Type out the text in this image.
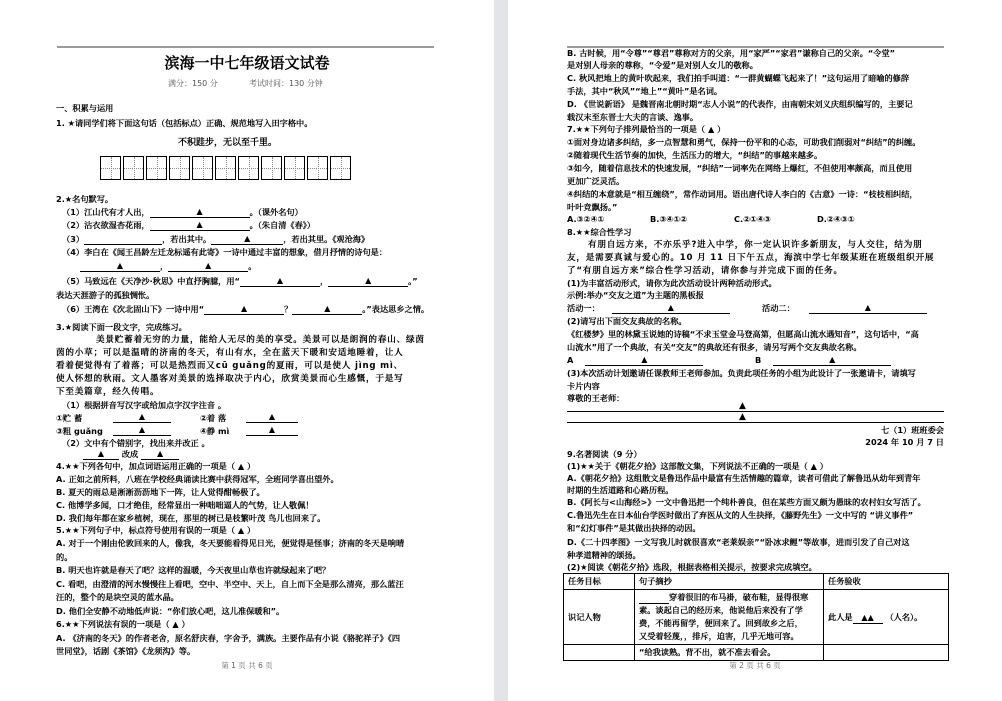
滨海一中七年级语文试卷
满分：150 分	考试时间：130 分钟
一、积累与运用
1. ★请同学们将下面这句话（包括标点）正确、规范地写入田字格中。
不积跬步，无以至千里。
2.★名句默写。
（1）江山代有才人出，	▲	。（课外名句）
（2）沾衣欲湿杏花雨，	▲	。（朱自清《春》）
（3）	，若出其中。	▲	，若出其里。《观沧海》
（4）李白在《闻王昌龄左迁龙标遥有此寄》一诗中通过丰富的想象，借月抒情的诗句是：
▲	，	▲	。
（5）马致远在《天净沙·秋思》中直抒胸臆，用“	▲	，	▲	。”
表达天涯游子的孤独惆怅。
（6）王湾在《次北固山下》一诗中用“	▲	？	▲	。”表达思乡之情。
3.★阅读下面一段文字，完成练习。
美景贮蓄着无穷的力量，能给人无尽的美的享受。美景可以是朗润的春山、绿茵
茵的小草；可以是温晴的济南的冬天，有山有水，全在蓝天下暖和安适地睡着，让人
看着便觉得有了着落；可以是热烈而又cū guǎng的夏雨，可以是使人 jìng mì、
使人怀想的秋雨。文人墨客对美景的选择取决于内心，欣赏美景而心生感慨，于是写
下至美篇章，经久传唱。
（1）根据拼音写汉字或给加点字汉字注音 。
①贮 蓄	▲	②着 落	▲
③粗 guǎng	▲	④静 mì	▲
（2）文中有个错别字，找出来并改正 。
▲ 改成 ▲
4.★★下列各句中，加点词语运用正确的一项是（ ▲ ）
A. 正如之前所料，八班在学校经典诵读比赛中获得冠军，全班同学喜出望外。
B. 夏天的雨总是淅淅沥沥地下一阵，让人觉得酣畅极了。
C. 他博学多闻，口才绝佳，经常显出一种咄咄逼人的气势，让人敬佩！
D. 我们每年都在家乡植树，现在，那里的树已是枝繁叶茂 鸟儿也回来了。
5.★★下列句子中，标点符号使用有误的一项是（ ▲ ）
A. 对于一个刚由伦敦回来的人，像我，冬天要能看得见日光，便觉得是怪事；济南的冬天是响晴
的。
B. 明天也许就是春天了吧？这样的温暖，今天夜里山草也许就绿起来了吧？
C. 看吧，由澄清的河水慢慢往上看吧，空中、半空中、天上，自上而下全是那么清亮，那么蓝汪
汪的，整个的是块空灵的蓝水晶。
D. 他们全安静不动地低声说：“你们放心吧，这儿准保暖和”。
6.★★下列说法有误的一项是（ ▲ ）
A. 《济南的冬天》的作者老舍，原名舒庆春，字舍予，满族。主要作品有小说《骆驼祥子》《四
世同堂》，话剧《茶馆》《龙须沟》等。
第 1 页 共 6 页
B. 古时候，用“令尊”“尊君”尊称对方的父亲，用“家严”“家君”谦称自己的父亲。“令堂”
是对别人母亲的尊称，“令爱”是对别人女儿的敬称。
C. 秋风把地上的黄叶吹起来，我们拍手叫道：“一群黄蝴蝶飞起来了！”这句运用了暗喻的修辞
手法，其中“秋风”“地上”“黄叶”是名词。
D. 《世说新语》 是魏晋南北朝时期“志人小说”的代表作，由南朝宋刘义庆组织编写的，主要记
载汉末至东晋士大夫的言谈、逸事。
7.★★下列句子排列最恰当的一项是（ ▲ ）
①面对身边诸多纠结，多一点智慧和勇气，保持一份平和的心态，可助我们削弱对“纠结”的纠缠。
②随着现代生活节奏的加快，生活压力的增大，“纠结”的事越来越多。
③如今，随着信息技术的快速发展，“纠结”一词率先在网络上爆红，不但使用率颇高，而且使用
更加广泛灵活。
④纠结的本意就是“相互缠绕”，常作动词用。语出唐代诗人李白的《古意》一诗：“枝枝相纠结，
叶叶竞飘扬。”
A.③②④①	B.③④①②	C.②①④③	D.②④③①
8.★★综合性学习
有朋自远方来，不亦乐乎?进入中学，你一定认识许多新朋友，与人交往，结为朋
友，是需要真诚与爱心的。10 月 11 日下午五点，海滨中学七年级某班在班级组织开展
了“有朋自远方来”综合性学习活动，请你参与并完成下面的任务。
(1)为丰富活动形式，请你为此次活动设计两种活动形式。
示例:举办“交友之道”为主题的黑板报
活动一：	▲	活动二：	▲
(2)请写出下面交友典故的名称。
《红楼梦》里的林黛玉说她的诗稿“不求玉堂金马登高第，但愿高山流水遇知音”，这句话中，“高
山流水”用了一个典故，有关“交友”的典故还有很多，请另写两个交友典故名称。
A	▲	B	▲
(3)本次活动计划邀请任课教师王老师参加。负责此项任务的小组为此设计了一张邀请卡，请填写
卡片内容
尊敬的王老师：
▲
▲
七（1）班班委会
2024 年 10 月 7 日
9.名著阅读（9 分）
(1)★★关于《朝花夕拾》这部散文集，下列说法不正确的一项是（ ▲ ）
A.《朝花夕拾》这组散文是鲁迅作品中最富有生活情趣的篇章，读者可借此了解鲁迅从幼年到青年
时期的生活道路和心路历程。
B.《阿长与<山海经>》一文中鲁迅把一个纯朴善良，但在某些方面又颇为愚昧的农村妇女写活了。
C.鲁迅先生在日本仙台学医时做出了弃医从文的人生抉择，《藤野先生》一文中写的 “讲义事件”
和“幻灯事件”是其做出抉择的动因。
D.《二十四孝图》一文写我儿时就很喜欢“老莱娱亲”“卧冰求鲤”等故事，进而引发了自己对这
种孝道精神的颂扬。
(2)★阅读《朝花夕拾》选段，根据表格相关提示，按要求完成填空。
任务目标	句子摘抄	任务验收
识记人物	穿着很旧的布马褂，破布鞋，显得很寒
素。谈起自己的经历来，他说他后来没有了学
费，不能再留学，便回来了。回到故乡之后，
又受着轻蔑，，排斥，迫害，几乎无地可容。	此人是 ▲▲ （人名）。
	“给我读熟。背不出，就不准去看会。	
第 2 页 共 6 页
